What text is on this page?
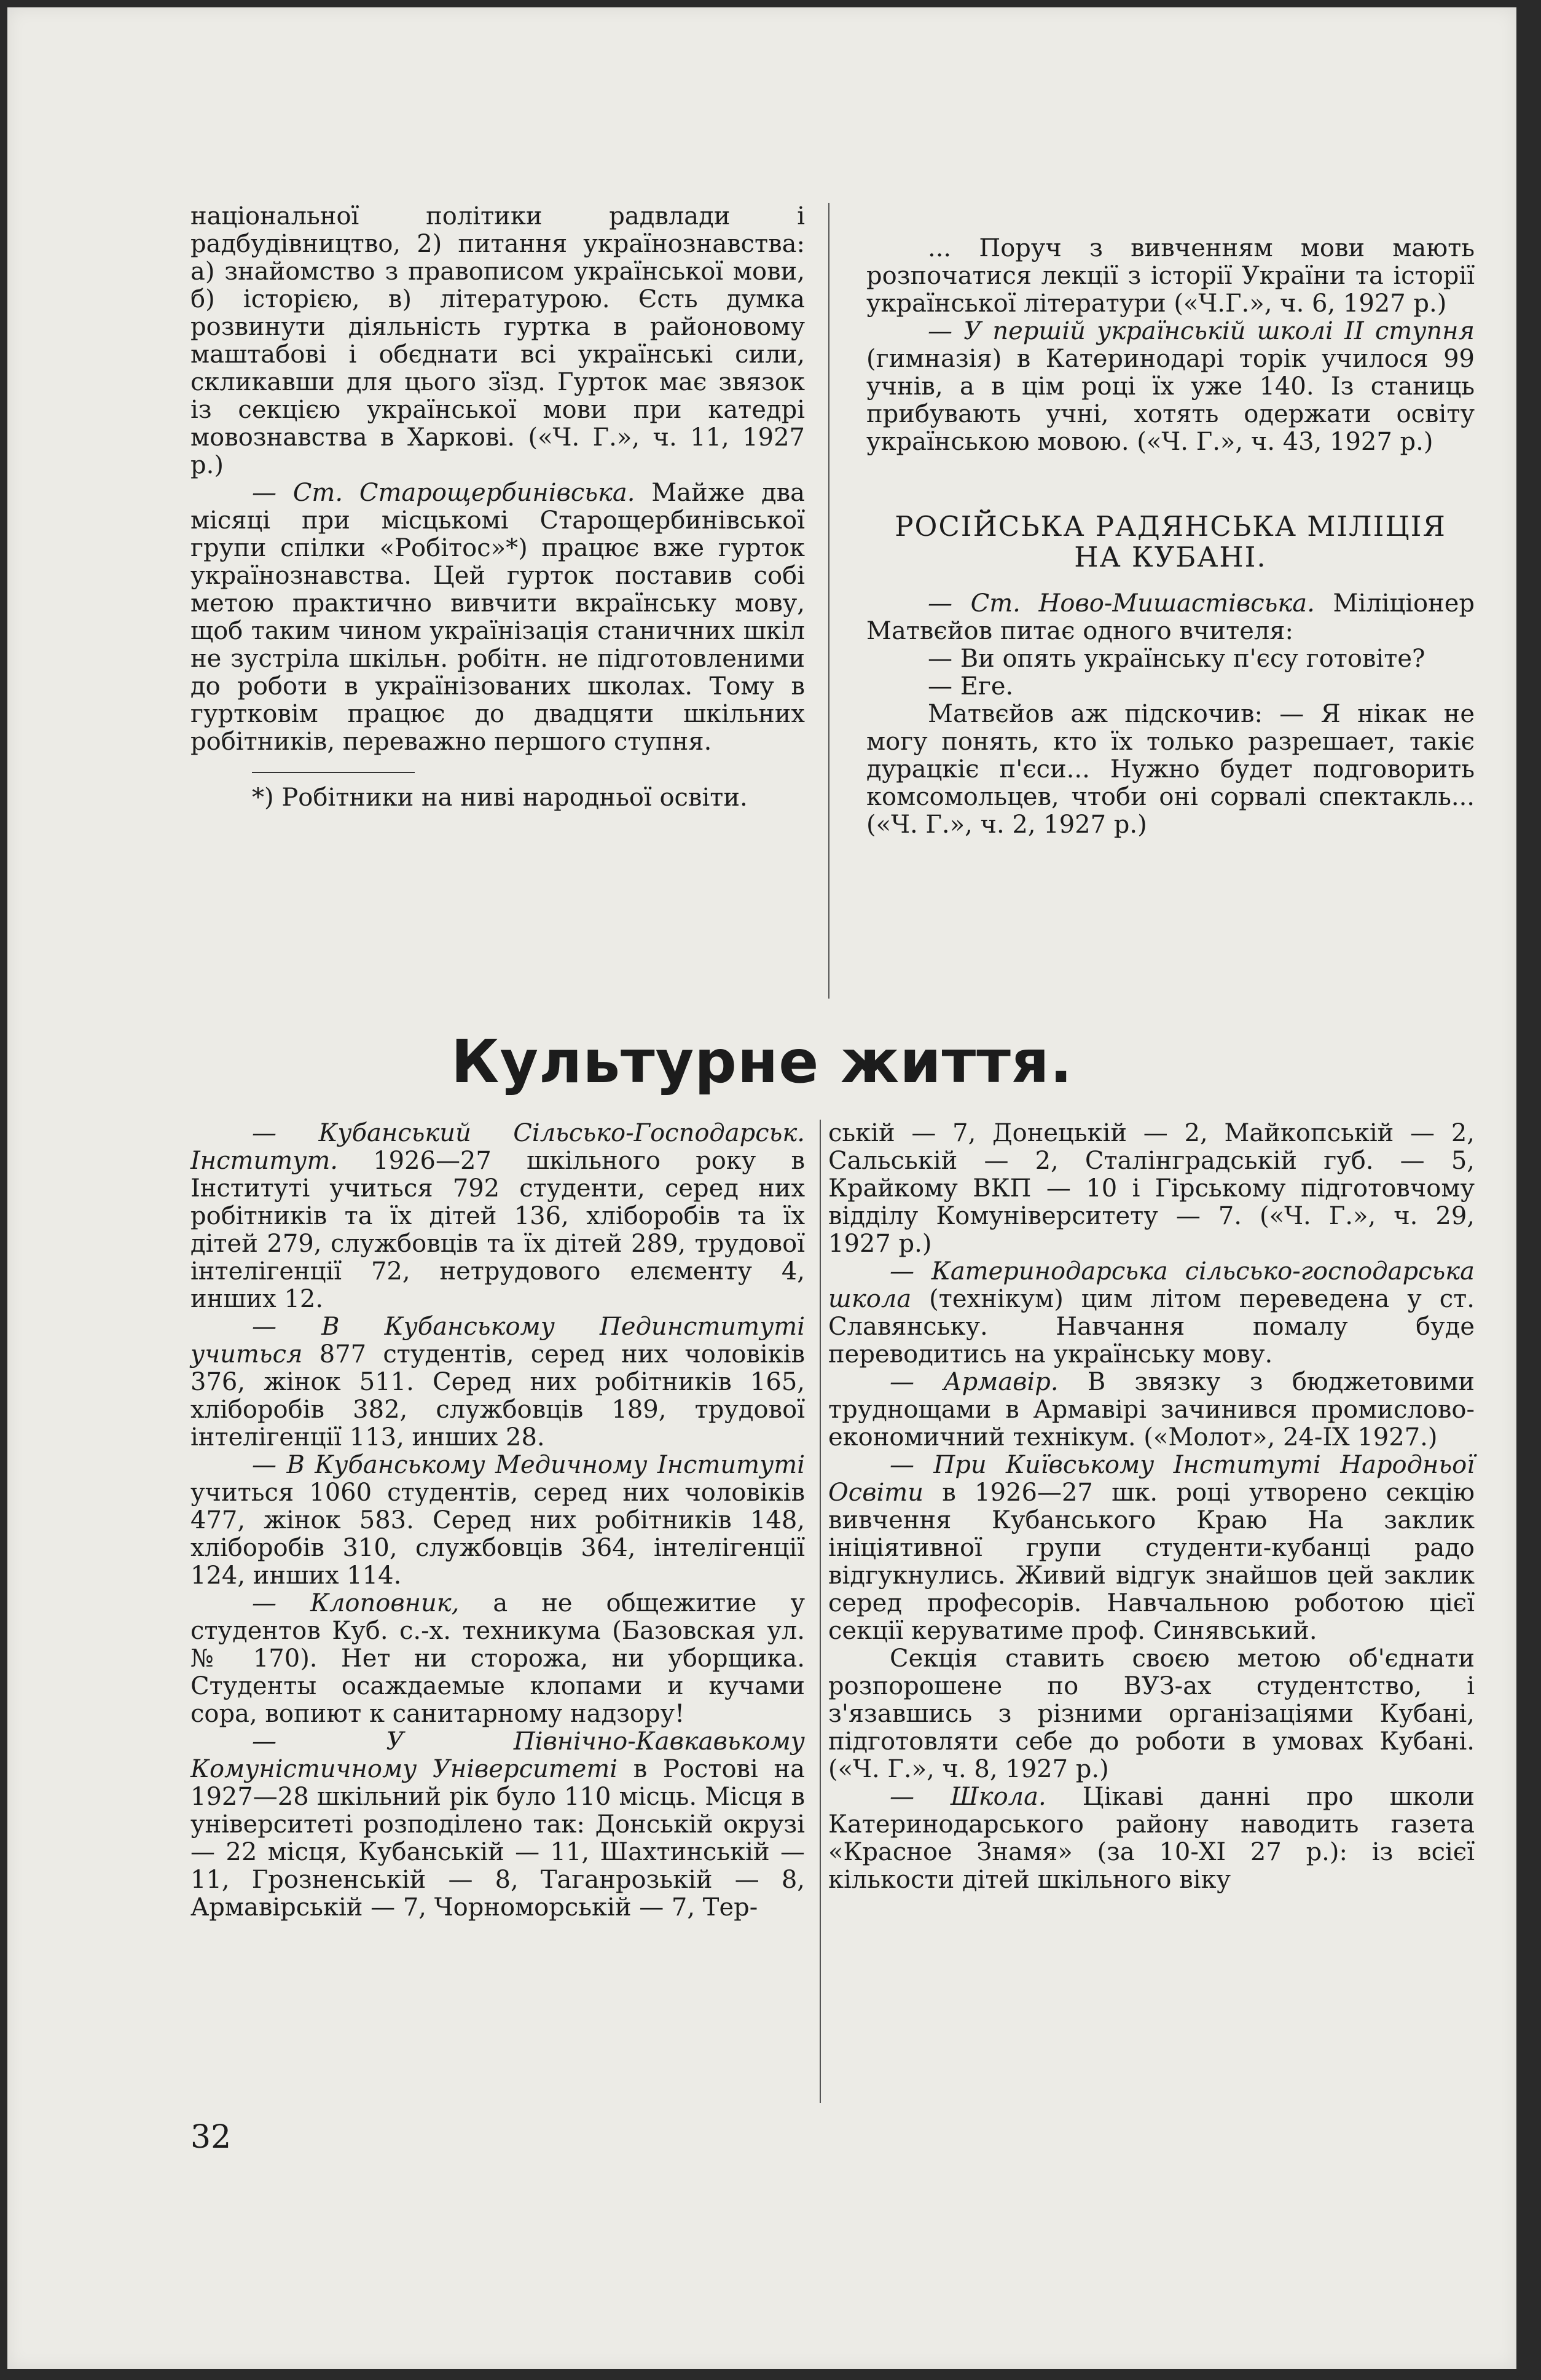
національної політики радвлади і радбудівництво, 2) питання українознавства: а) знайомство з правописом української мови, б) історією, в) літературою. Єсть думка розвинути діяльність гуртка в районовому маштабові і обєднати всі українські сили, скликавши для цього зїзд. Гурток має звязок із секцією української мови при катедрі мовознавства в Харкові. («Ч. Г.», ч. 11, 1927 р.)

— Ст. Старощербинівська. Майже два місяці при місцькомі Старощербинівської групи спілки «Робітос»*) працює вже гурток українознавства. Цей гурток поставив собі метою практично вивчити вкраїнську мову, щоб таким чином українізація станичних шкіл не зустріла шкільн. робітн. не підготовленими до роботи в українізованих школах. Тому в гуртковім працює до двадцяти шкільних робітників, переважно першого ступня.

*) Робітники на ниві народньої освіти.

... Поруч з вивченням мови мають розпочатися лекції з історії України та історії української літератури («Ч.Г.», ч. 6, 1927 р.)

— У першій українській школі II ступня (гимназія) в Катеринодарі торік училося 99 учнів, а в цім році їх уже 140. Із станиць прибувають учні, хотять одержати освіту українською мовою. («Ч. Г.», ч. 43, 1927 р.)

РОСІЙСЬКА РАДЯНСЬКА МІЛІЦІЯ НА КУБАНІ.

— Ст. Ново-Мишастівська. Міліціонер Матвєйов питає одного вчителя:

— Ви опять українську п'єсу готовіте?

— Еге.

Матвєйов аж підскочив: — Я нікак не могу понять, кто їх только разрешает, такіє дурацкіє п'єси... Нужно будет подговорить комсомольцев, чтоби оні сорвалі спектакль...(«Ч. Г.», ч. 2, 1927 р.)

Культурне життя.

— Кубанський Сільсько-Господарськ. Інститут. 1926—27 шкільного року в Інституті учиться 792 студенти, серед них робітників та їх дітей 136, хліборобів та їх дітей 279, службовців та їх дітей 289, трудової інтелігенції 72, нетрудового елєменту 4, инших 12.

— В Кубанському Пединституті учиться 877 студентів, серед них чоловіків 376, жінок 511. Серед них робітників 165, хліборобів 382, службовців 189, трудової інтелігенції 113, инших 28.

— В Кубанському Медичному Інституті учиться 1060 студентів, серед них чоловіків 477, жінок 583. Серед них робітників 148, хліборобів 310, службовців 364, інтелігенції 124, инших 114.

— Клоповник, а не общежитие у студентов Куб. с.-х. техникума (Базовская ул. № 170). Нет ни сторожа, ни уборщика. Студенты осаждаемые клопами и кучами сора, вопиют к санитарному надзору!

— У Північно-Кавкавькому Комуністичному Університеті в Ростові на 1927—28 шкільний рік було 110 місць. Місця в університеті розподілено так: Донській окрузі — 22 місця, Кубанській — 11, Шахтинській — 11, Грозненській — 8, Таганрозькій — 8, Армавірській — 7, Чорноморській — 7, Тер-

ській — 7, Донецькій — 2, Майкопській — 2, Сальській — 2, Сталінградській губ. — 5, Крайкому ВКП — 10 і Гірському підготовчому відділу Комуніверситету — 7. («Ч. Г.», ч. 29, 1927 р.)

— Катеринодарська сільсько-господарська школа (технікум) цим літом переведена у ст. Славянську. Навчання помалу буде переводитись на українську мову.

— Армавір. В звязку з бюджетовими труднощами в Армавірі зачинився промислово-економичний технікум. («Молот», 24-IX 1927.)

— При Київському Інституті Народньої Освіти в 1926—27 шк. році утворено секцію вивчення Кубанського Краю На заклик ініціятивної групи студенти-кубанці радо відгукнулись. Живий відгук знайшов цей заклик серед професорів. Навчальною роботою цієї секції керуватиме проф. Синявський.

Секція ставить своєю метою об'єднати розпорошене по ВУЗ-ах студентство, і з'язавшись з різними організаціями Кубані, підготовляти себе до роботи в умовах Кубані. («Ч. Г.», ч. 8, 1927 р.)

— Школа. Цікаві данні про школи Катеринодарського району наводить газета «Красное Знамя» (за 10-XI 27 р.): із всієї кількости дітей шкільного віку

32
